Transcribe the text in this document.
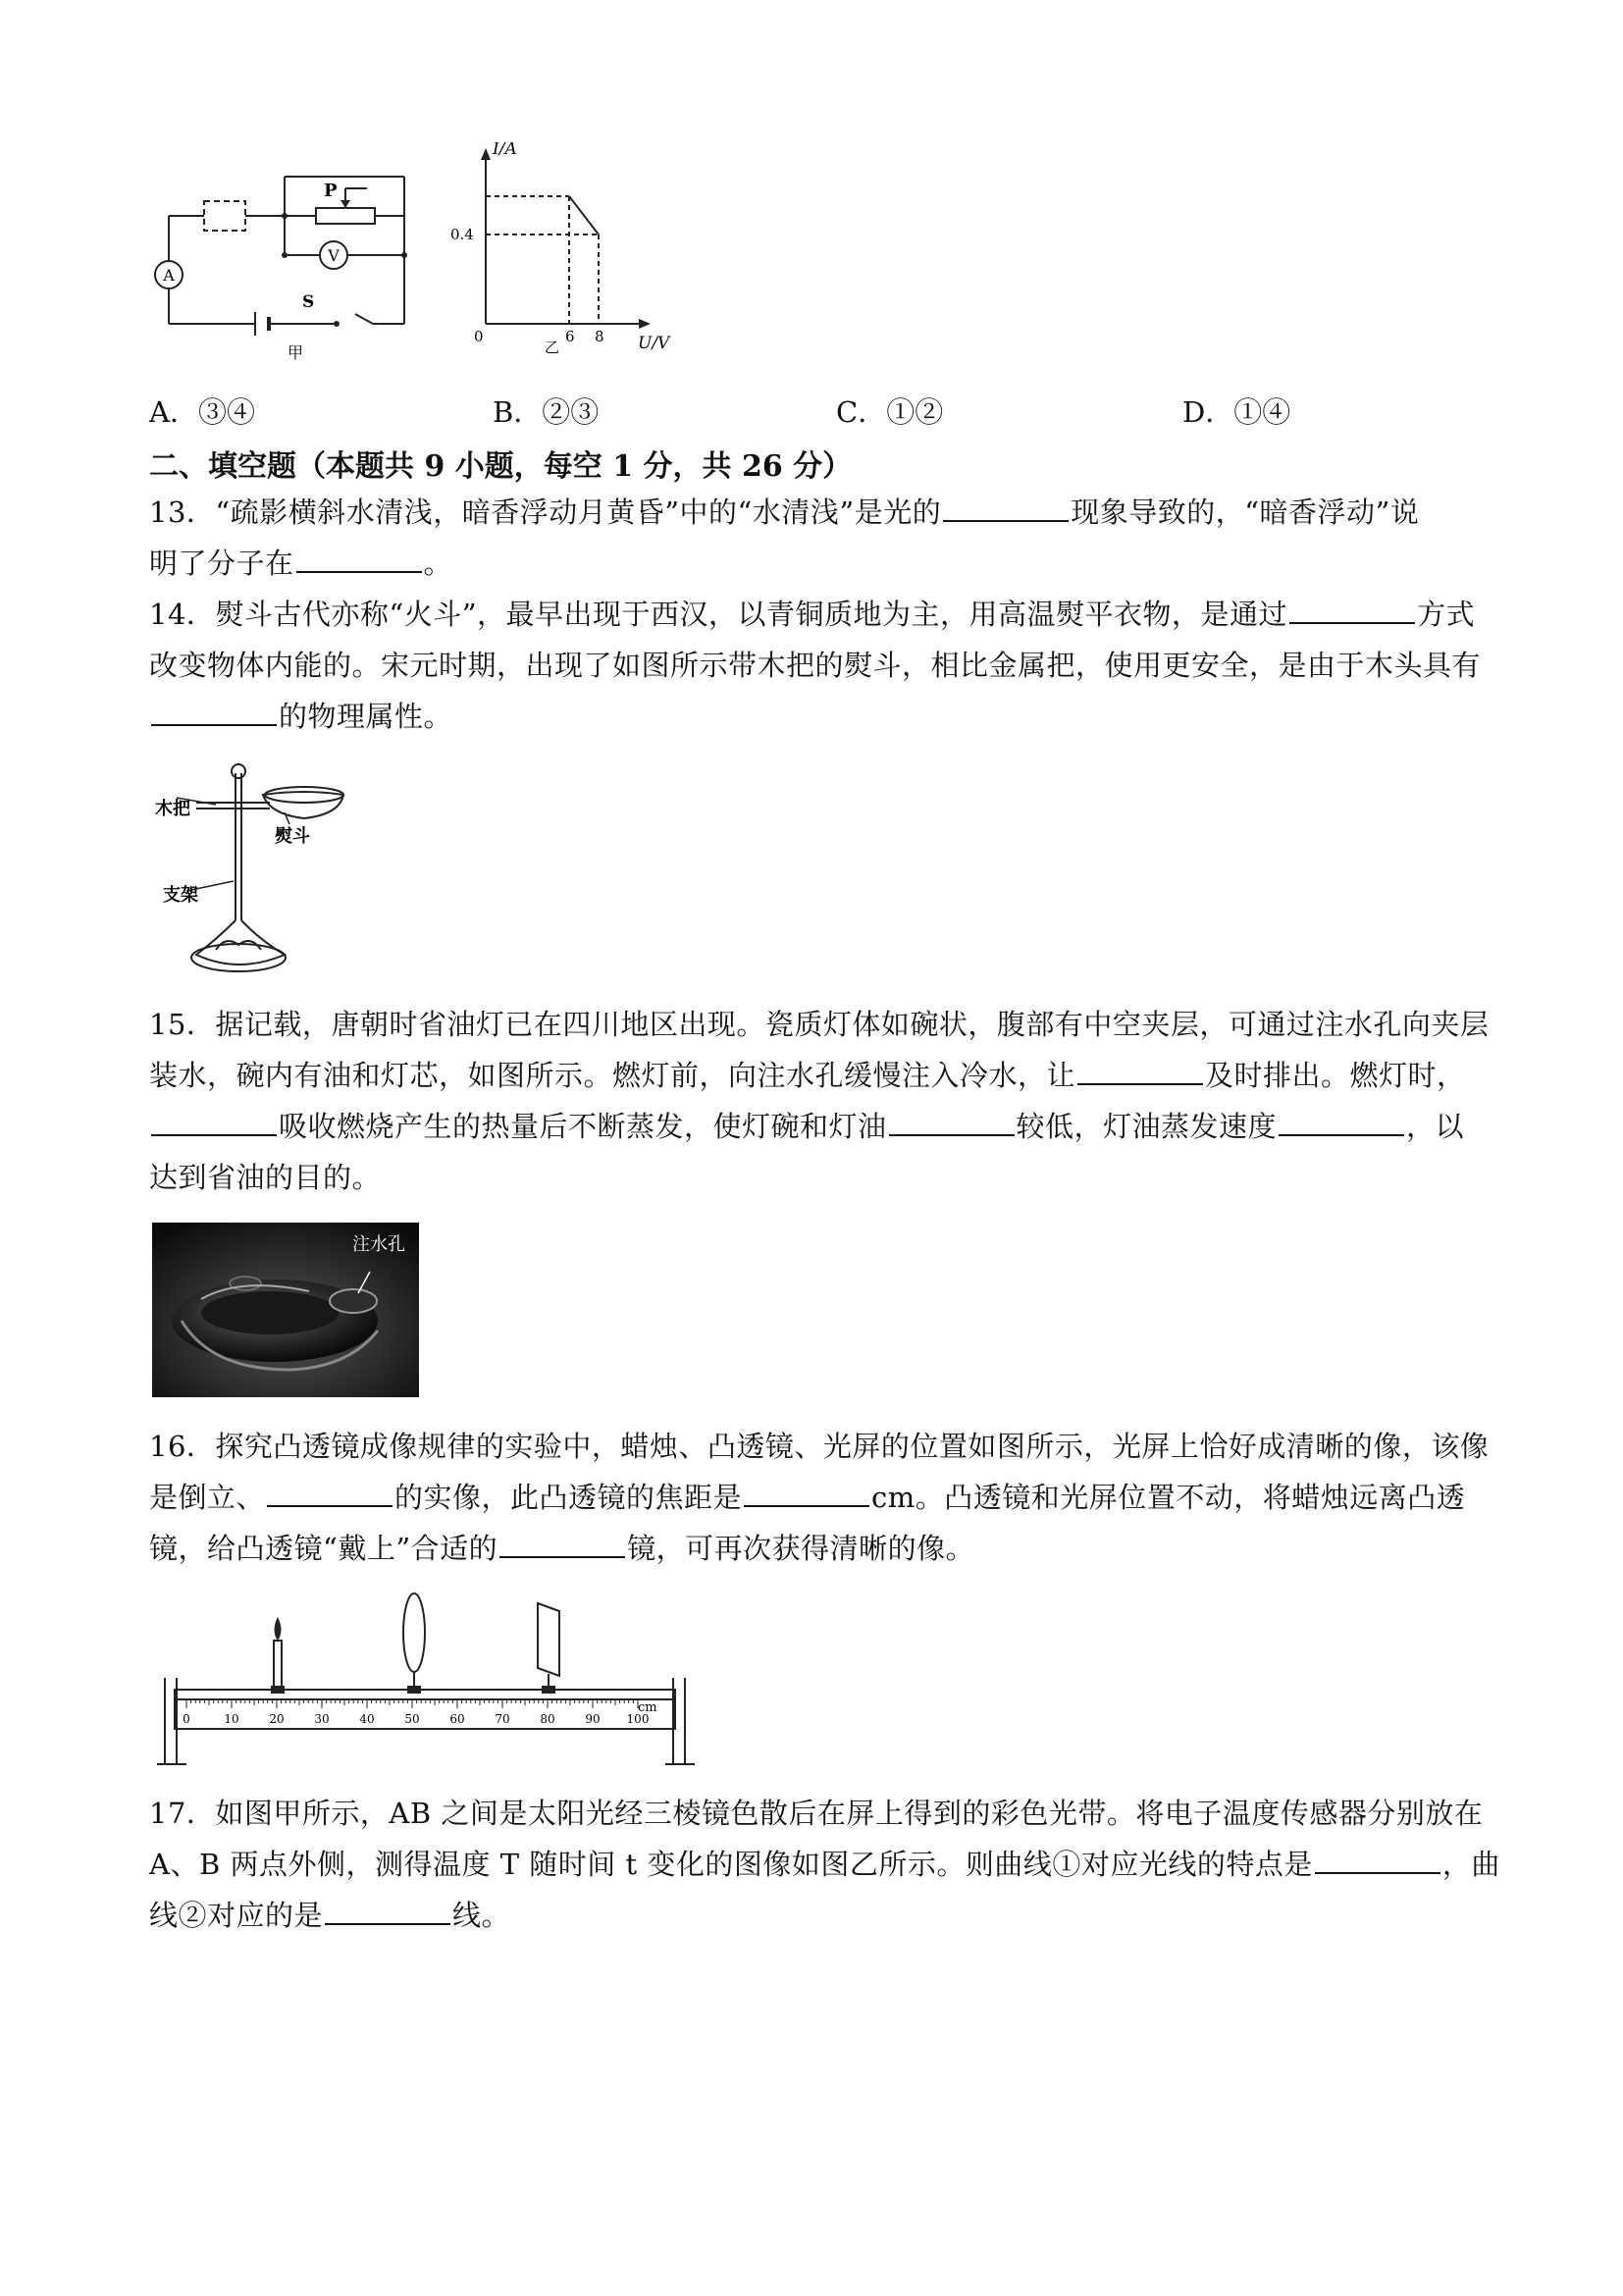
A
V
P
S
甲
I/A
U/V
0
0.4
6 8
乙
A．③④	B．②③	C．①②	D．①④
二、填空题（本题共 9 小题，每空 1 分，共 26 分）
13．“疏影横斜水清浅，暗香浮动月黄昏”中的“水清浅”是光的	现象导致的，“暗香浮动”说
明了分子在	。
14．熨斗古代亦称“火斗”，最早出现于西汉，以青铜质地为主，用高温熨平衣物，是通过	方式
改变物体内能的。宋元时期，出现了如图所示带木把的熨斗，相比金属把，使用更安全，是由于木头具有
的物理属性。
木把
熨斗
支架
15．据记载，唐朝时省油灯已在四川地区出现。瓷质灯体如碗状，腹部有中空夹层，可通过注水孔向夹层
装水，碗内有油和灯芯，如图所示。燃灯前，向注水孔缓慢注入冷水，让	及时排出。燃灯时，
吸收燃烧产生的热量后不断蒸发，使灯碗和灯油	较低，灯油蒸发速度	，以
达到省油的目的。
注水孔
16．探究凸透镜成像规律的实验中，蜡烛、凸透镜、光屏的位置如图所示，光屏上恰好成清晰的像，该像
是倒立、	的实像，此凸透镜的焦距是	cm。凸透镜和光屏位置不动，将蜡烛远离凸透
镜，给凸透镜“戴上”合适的	镜，可再次获得清晰的像。
0	10	20	30	40	50	60	70	80	90 100
cm
17．如图甲所示，AB 之间是太阳光经三棱镜色散后在屏上得到的彩色光带。将电子温度传感器分别放在
A、B 两点外侧，测得温度 T 随时间 t 变化的图像如图乙所示。则曲线①对应光线的特点是	，曲
线②对应的是	线。
